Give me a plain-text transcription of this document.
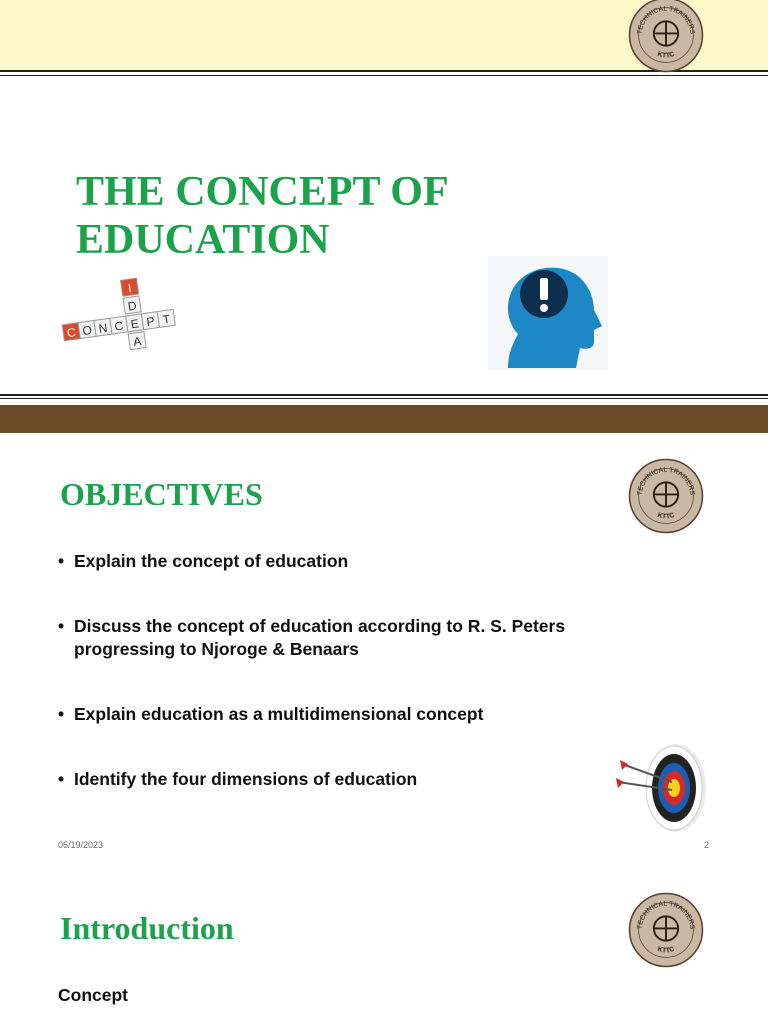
TECHNICAL TRAINERS
KTTC
THE CONCEPT OF EDUCATION
I
D
E
A
C O N C P T
OBJECTIVES	TECHNICAL TRAINERS
KTTC
• Explain the concept of education
• Discuss the concept of education according to R. S. Peters progressing to Njoroge & Benaars
• Explain education as a multidimensional concept
• Identify the four dimensions of education
05/19/2023	2
Introduction	TECHNICAL TRAINERS
KTTC
Concept
